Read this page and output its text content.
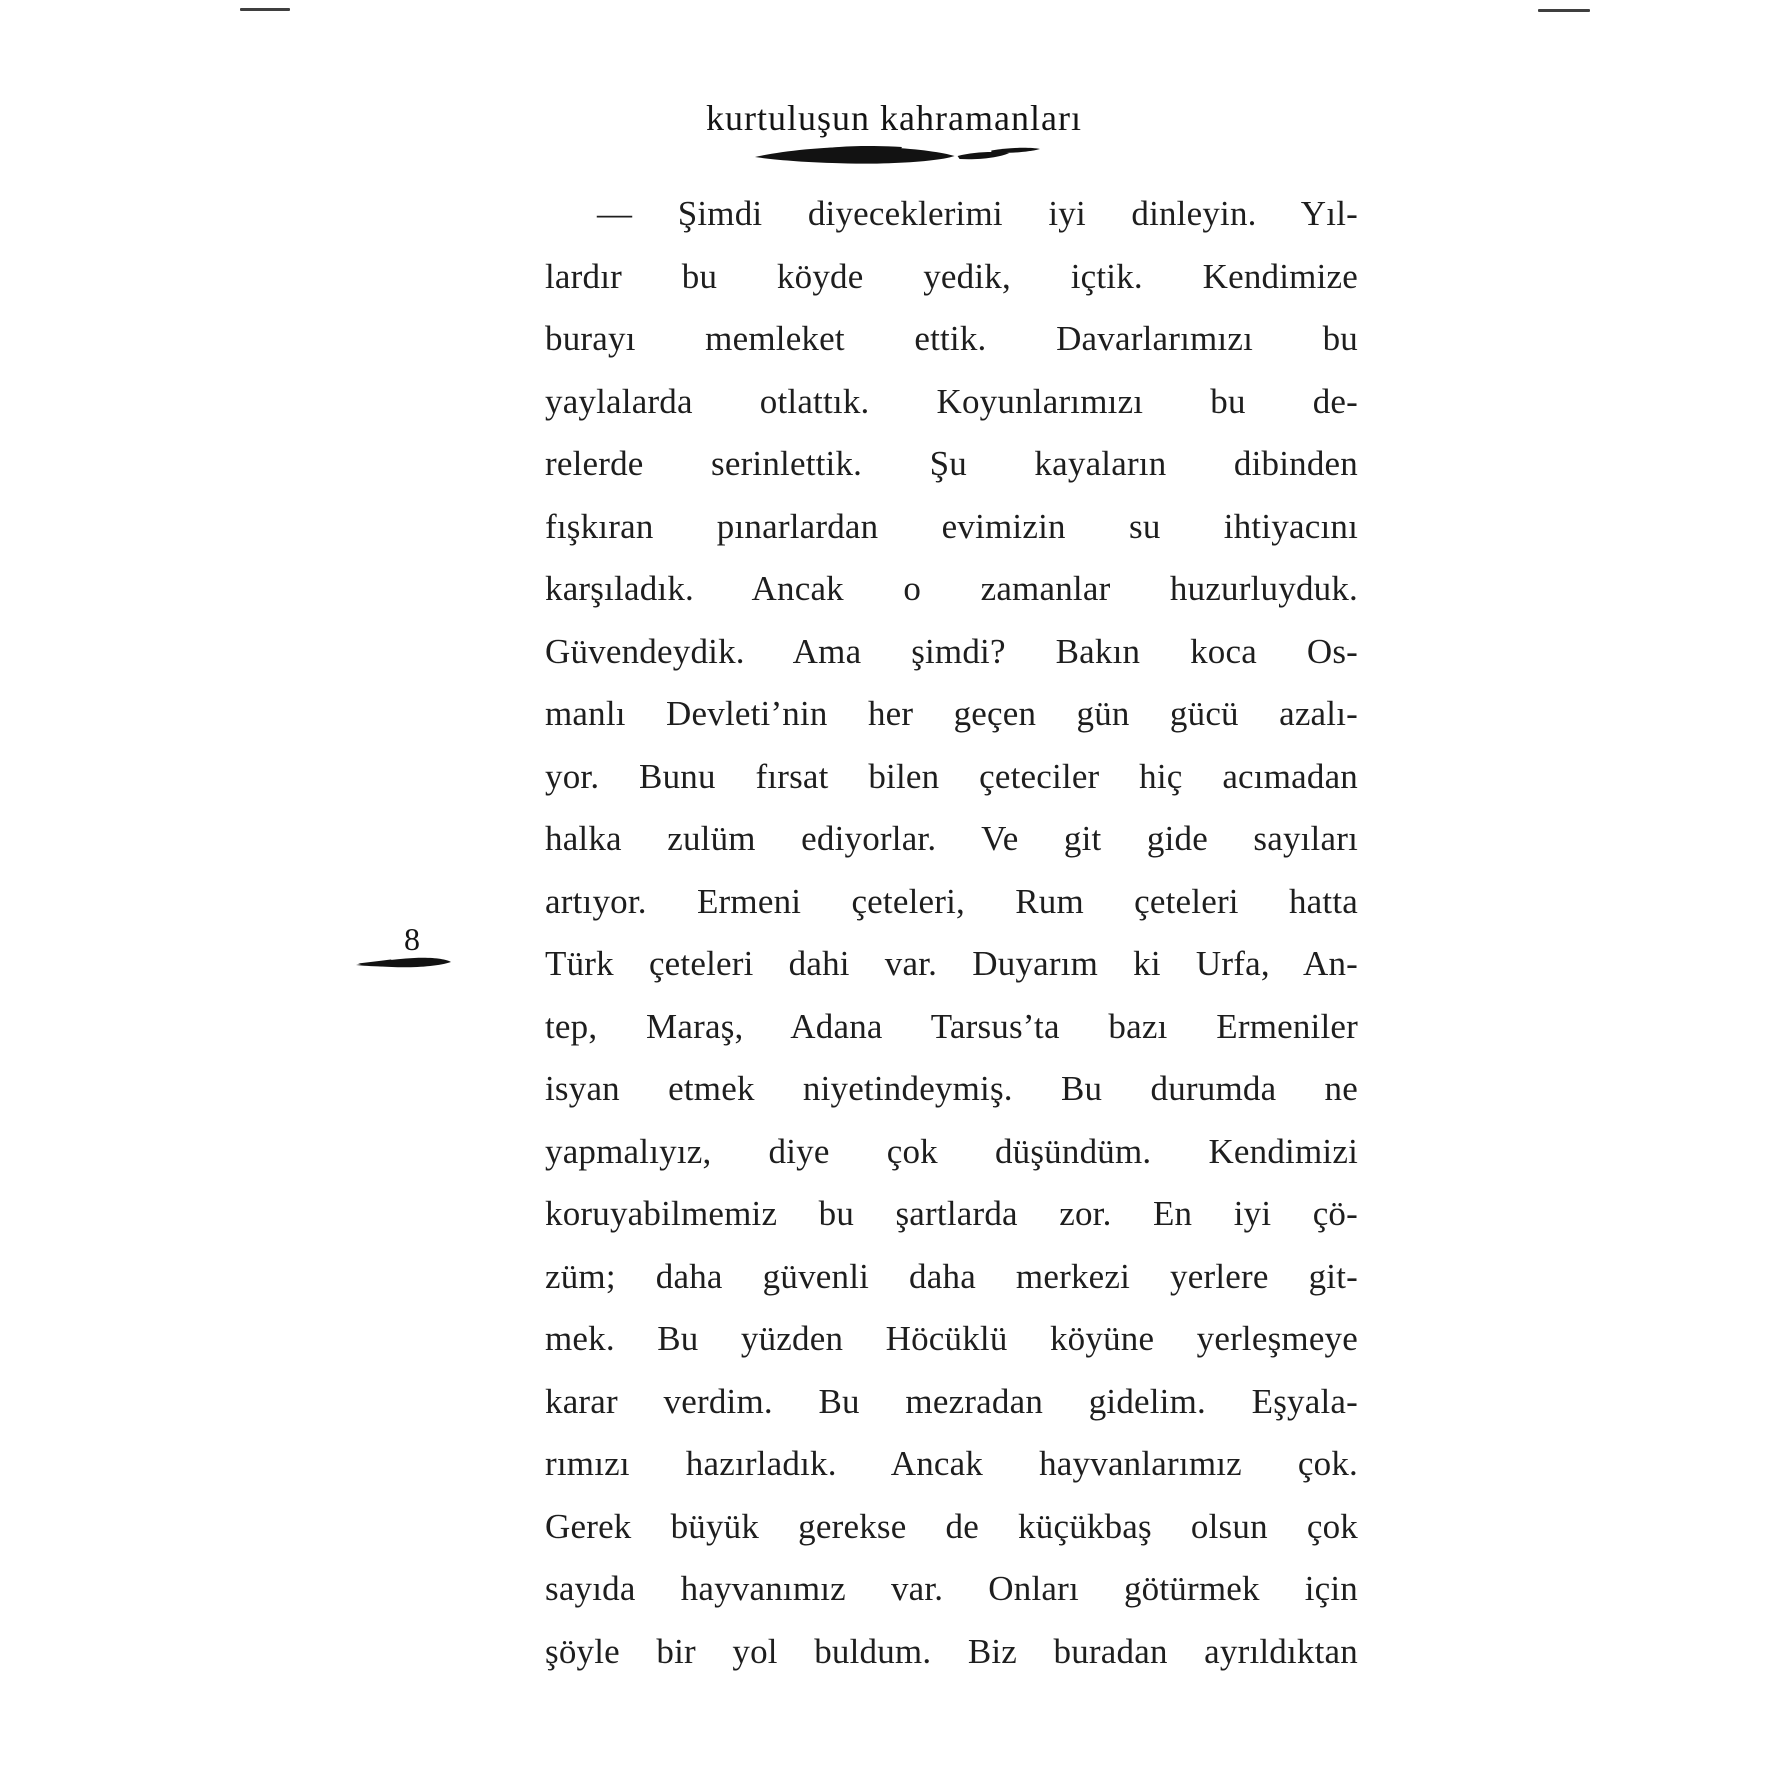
kurtuluşun kahramanları
8
— Şimdi diyeceklerimi iyi dinleyin. Yıl-
lardır bu köyde yedik, içtik. Kendimize
burayı memleket ettik. Davarlarımızı bu
yaylalarda otlattık. Koyunlarımızı bu de-
relerde serinlettik. Şu kayaların dibinden
fışkıran pınarlardan evimizin su ihtiyacını
karşıladık. Ancak o zamanlar huzurluyduk.
Güvendeydik. Ama şimdi? Bakın koca Os-
manlı Devleti’nin her geçen gün gücü azalı-
yor. Bunu fırsat bilen çeteciler hiç acımadan
halka zulüm ediyorlar. Ve git gide sayıları
artıyor. Ermeni çeteleri, Rum çeteleri hatta
Türk çeteleri dahi var. Duyarım ki Urfa, An-
tep, Maraş, Adana Tarsus’ta bazı Ermeniler
isyan etmek niyetindeymiş. Bu durumda ne
yapmalıyız, diye çok düşündüm. Kendimizi
koruyabilmemiz bu şartlarda zor. En iyi çö-
züm; daha güvenli daha merkezi yerlere git-
mek. Bu yüzden Höcüklü köyüne yerleşmeye
karar verdim. Bu mezradan gidelim. Eşyala-
rımızı hazırladık. Ancak hayvanlarımız çok.
Gerek büyük gerekse de küçükbaş olsun çok
sayıda hayvanımız var. Onları götürmek için
şöyle bir yol buldum. Biz buradan ayrıldıktan
